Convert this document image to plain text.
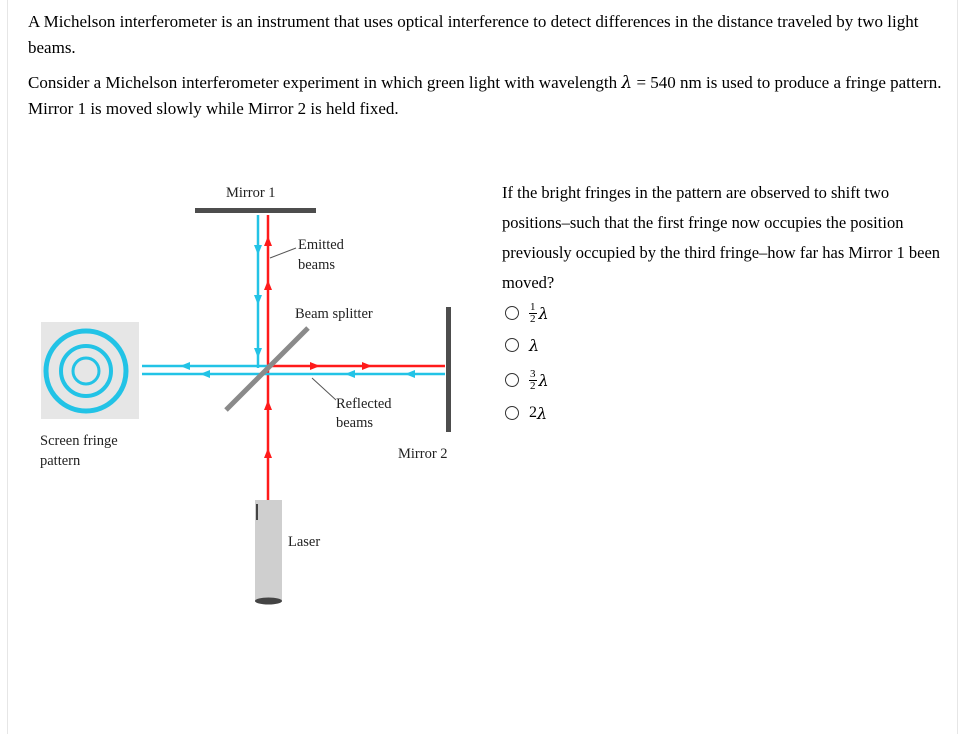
A Michelson interferometer is an instrument that uses optical interference to detect differences in the distance traveled by two light beams.
Consider a Michelson interferometer experiment in which green light with wavelength λ = 540 nm is used to produce a fringe pattern. Mirror 1 is moved slowly while Mirror 2 is held fixed.
Mirror 1
Emitted
beams
Beam splitter
Reflected
beams
Screen fringe
pattern	Mirror 2
Laser
If the bright fringes in the pattern are observed to shift two positions–such that the first fringe now occupies the position previously occupied by the third fringe–how far has Mirror 1 been moved?
$\frac{1}{2}$ λ
λ
$\frac{3}{2}$ λ
2 λ
